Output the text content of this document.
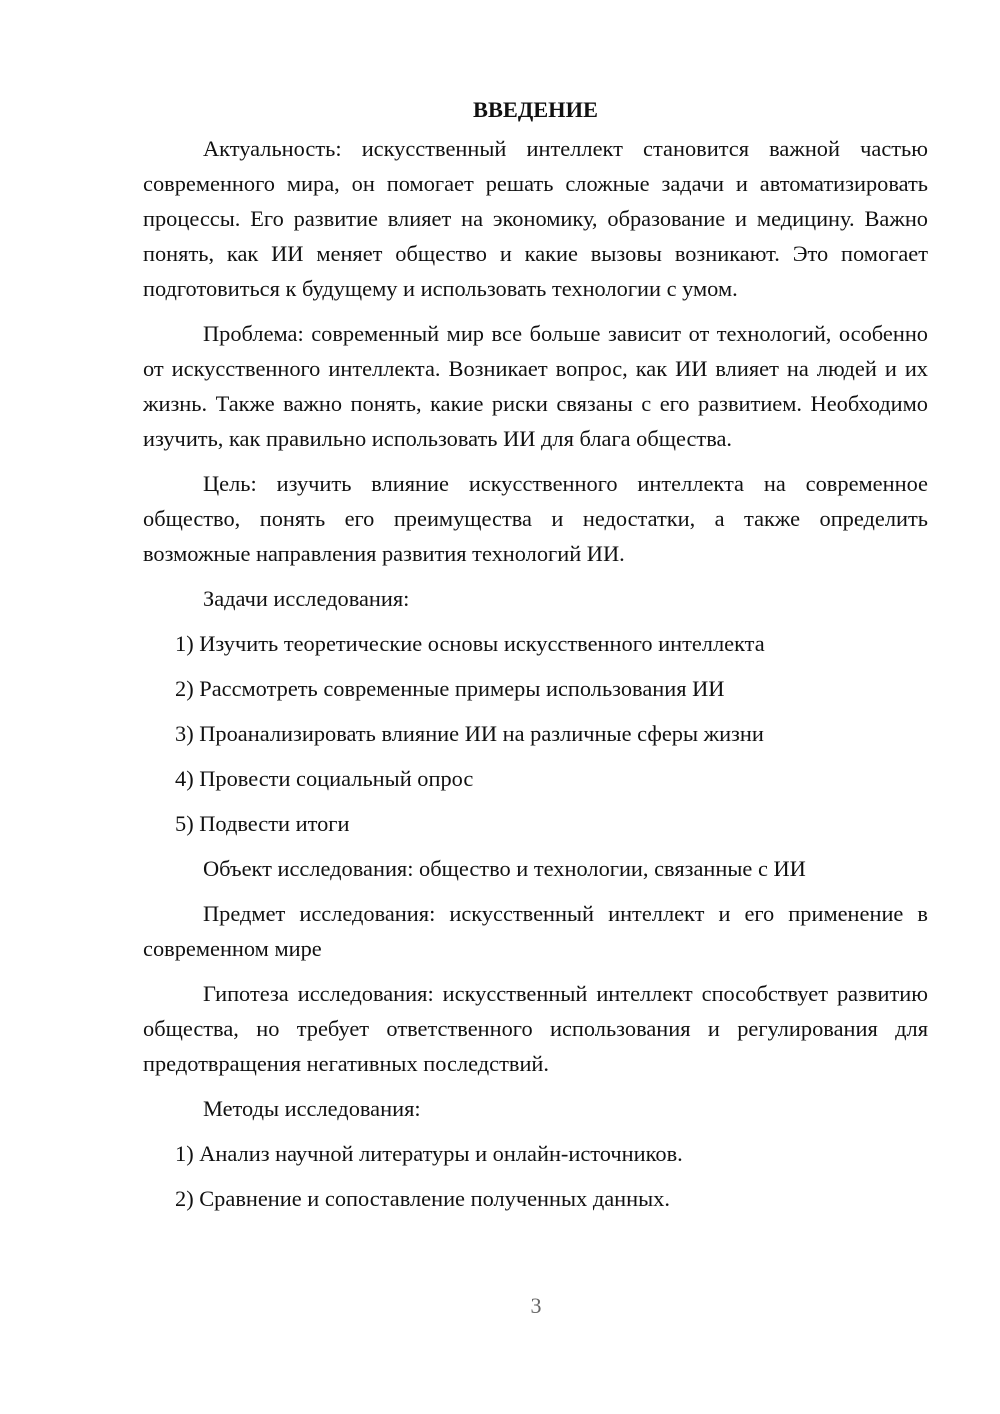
ВВЕДЕНИЕ

Актуальность: искусственный интеллект становится важной частью современного мира, он помогает решать сложные задачи и автоматизировать процессы. Его развитие влияет на экономику, образование и медицину. Важно понять, как ИИ меняет общество и какие вызовы возникают. Это помогает подготовиться к будущему и использовать технологии с умом.

Проблема: современный мир все больше зависит от технологий, особенно от искусственного интеллекта. Возникает вопрос, как ИИ влияет на людей и их жизнь. Также важно понять, какие риски связаны с его развитием. Необходимо изучить, как правильно использовать ИИ для блага общества.

Цель: изучить влияние искусственного интеллекта на современное общество, понять его преимущества и недостатки, а также определить возможные направления развития технологий ИИ.

Задачи исследования:

1) Изучить теоретические основы искусственного интеллекта

2) Рассмотреть современные примеры использования ИИ

3) Проанализировать влияние ИИ на различные сферы жизни

4) Провести социальный опрос

5) Подвести итоги

Объект исследования: общество и технологии, связанные с ИИ

Предмет исследования: искусственный интеллект и его применение в современном мире

Гипотеза исследования: искусственный интеллект способствует развитию общества, но требует ответственного использования и регулирования для предотвращения негативных последствий.

Методы исследования:

1) Анализ научной литературы и онлайн-источников.

2) Сравнение и сопоставление полученных данных.

3
